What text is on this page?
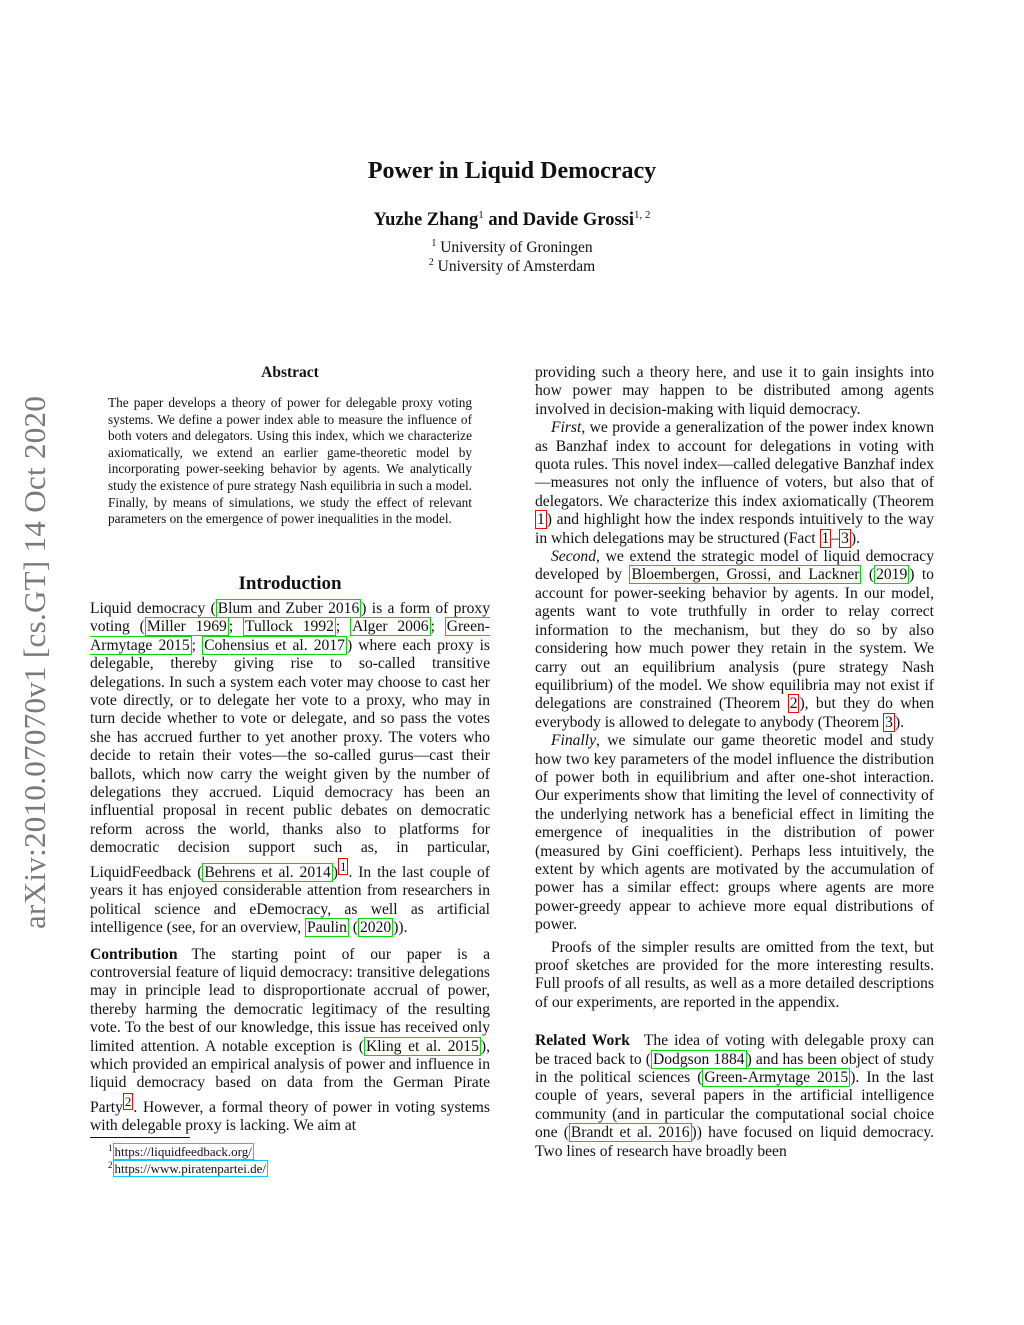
arXiv:2010.07070v1 [cs.GT] 14 Oct 2020
Power in Liquid Democracy
Yuzhe Zhang$^1$ and Davide Grossi$^{1, 2}$
$^1$ University of Groningen
$^2$ University of Amsterdam
Abstract
The paper develops a theory of power for delegable proxy voting systems. We define a power index able to measure the influence of both voters and delegators. Using this index, which we characterize axiomatically, we extend an earlier game-theoretic model by incorporating power-seeking behavior by agents. We analytically study the existence of pure strategy Nash equilibria in such a model. Finally, by means of simulations, we study the effect of relevant parameters on the emergence of power inequalities in the model.
Introduction

Liquid democracy ( Blum and Zuber 2016 ) is a form of proxy voting ( Miller 1969 ; Tullock 1992 ; Alger 2006 ; Green-Armytage 2015 ; Cohensius et al. 2017 ) where each proxy is delegable, thereby giving rise to so-called transitive delegations. In such a system each voter may choose to cast her vote directly, or to delegate her vote to a proxy, who may in turn decide whether to vote or delegate, and so pass the votes she has accrued further to yet another proxy. The voters who decide to retain their votes—the so-called gurus—cast their ballots, which now carry the weight given by the number of delegations they accrued. Liquid democracy has been an influential proposal in recent public debates on democratic reform across the world, thanks also to platforms for democratic decision support such as, in particular, LiquidFeedback ( Behrens et al. 2014 ) $^1$ . In the last couple of years it has enjoyed considerable attention from researchers in political science and eDemocracy, as well as artificial intelligence (see, for an overview, Paulin ( 2020 )).

Contribution The starting point of our paper is a controversial feature of liquid democracy: transitive delegations may in principle lead to disproportionate accrual of power, thereby harming the democratic legitimacy of the resulting vote. To the best of our knowledge, this issue has received only limited attention. A notable exception is ( Kling et al. 2015 ), which provided an empirical analysis of power and influence in liquid democracy based on data from the German Pirate Party $^2$ . However, a formal theory of power in voting systems with delegable proxy is lacking. We aim at

$^1$ https://liquidfeedback.org/
$^2$ https://www.piratenpartei.de/

providing such a theory here, and use it to gain insights into how power may happen to be distributed among agents involved in decision-making with liquid democracy.

First, we provide a generalization of the power index known as Banzhaf index to account for delegations in voting with quota rules. This novel index—called delegative Banzhaf index—measures not only the influence of voters, but also that of delegators. We characterize this index axiomatically (Theorem 1 ) and highlight how the index responds intuitively to the way in which delegations may be structured (Fact 1 – 3 ).

Second, we extend the strategic model of liquid democracy developed by Bloembergen, Grossi, and Lackner ( 2019 ) to account for power-seeking behavior by agents. In our model, agents want to vote truthfully in order to relay correct information to the mechanism, but they do so by also considering how much power they retain in the system. We carry out an equilibrium analysis (pure strategy Nash equilibrium) of the model. We show equilibria may not exist if delegations are constrained (Theorem 2 ), but they do when everybody is allowed to delegate to anybody (Theorem 3 ).

Finally, we simulate our game theoretic model and study how two key parameters of the model influence the distribution of power both in equilibrium and after one-shot interaction. Our experiments show that limiting the level of connectivity of the underlying network has a beneficial effect in limiting the emergence of inequalities in the distribution of power (measured by Gini coefficient). Perhaps less intuitively, the extent by which agents are motivated by the accumulation of power has a similar effect: groups where agents are more power-greedy appear to achieve more equal distributions of power.

Proofs of the simpler results are omitted from the text, but proof sketches are provided for the more interesting results. Full proofs of all results, as well as a more detailed descriptions of our experiments, are reported in the appendix.

Related Work The idea of voting with delegable proxy can be traced back to ( Dodgson 1884 ) and has been object of study in the political sciences ( Green-Armytage 2015 ). In the last couple of years, several papers in the artificial intelligence community (and in particular the computational social choice one ( Brandt et al. 2016 )) have focused on liquid democracy. Two lines of research have broadly been
